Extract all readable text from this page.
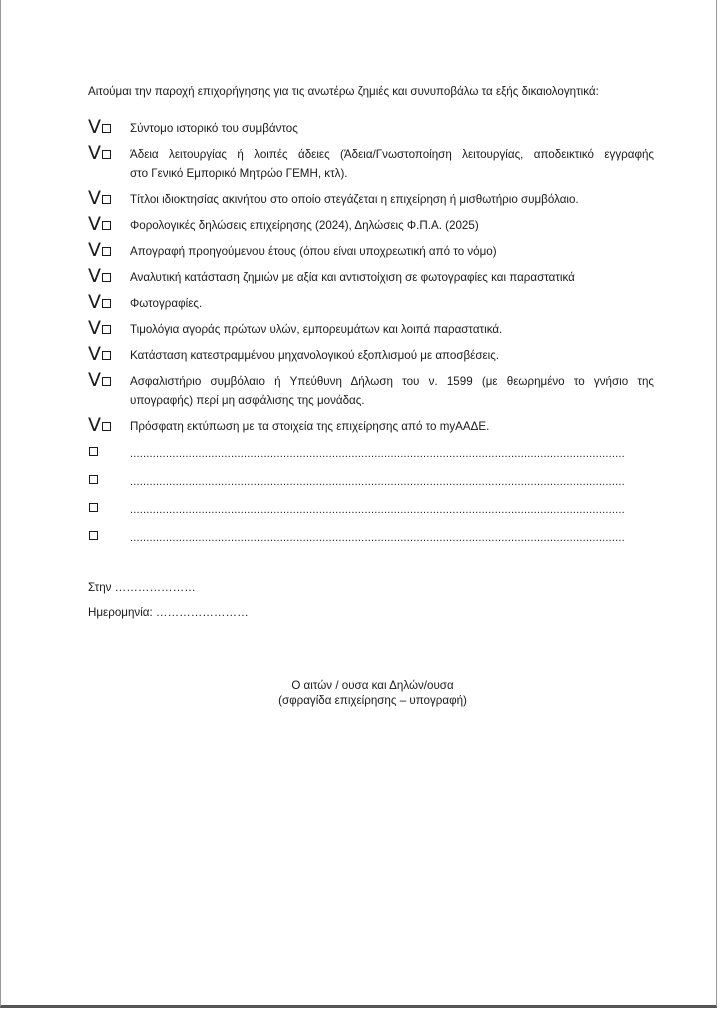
Αιτούμαι την παροχή επιχορήγησης για τις ανωτέρω ζημιές και συνυποβάλω τα εξής δικαιολογητικά:
V	Σύντομο ιστορικό του συμβάντος
V	Άδεια λειτουργίας ή λοιπές άδειες (Άδεια/Γνωστοποίηση λειτουργίας, αποδεικτικό εγγραφής
στο Γενικό Εμπορικό Μητρώο ΓΕΜΗ, κτλ).
V	Τίτλοι ιδιοκτησίας ακινήτου στο οποίο στεγάζεται η επιχείρηση ή μισθωτήριο συμβόλαιο.
V	Φορολογικές δηλώσεις επιχείρησης (2024), Δηλώσεις Φ.Π.Α. (2025)
V	Απογραφή προηγούμενου έτους (όπου είναι υποχρεωτική από το νόμο)
V	Αναλυτική κατάσταση ζημιών με αξία και αντιστοίχιση σε φωτογραφίες και παραστατικά
V	Φωτογραφίες.
V	Τιμολόγια αγοράς πρώτων υλών, εμπορευμάτων και λοιπά παραστατικά.
V	Κατάσταση κατεστραμμένου μηχανολογικού εξοπλισμού με αποσβέσεις.
V	Ασφαλιστήριο συμβόλαιο ή Υπεύθυνη Δήλωση του ν. 1599 (με θεωρημένο το γνήσιο της
υπογραφής) περί μη ασφάλισης της μονάδας.
V	Πρόσφατη εκτύπωση με τα στοιχεία της επιχείρησης από το myΑΑΔΕ.
........................................................................................................................................................
........................................................................................................................................................
........................................................................................................................................................
........................................................................................................................................................
Στην …………………
Ημερομηνία: ……………………
Ο αιτών / ουσα και Δηλών/ουσα
(σφραγίδα επιχείρησης – υπογραφή)
